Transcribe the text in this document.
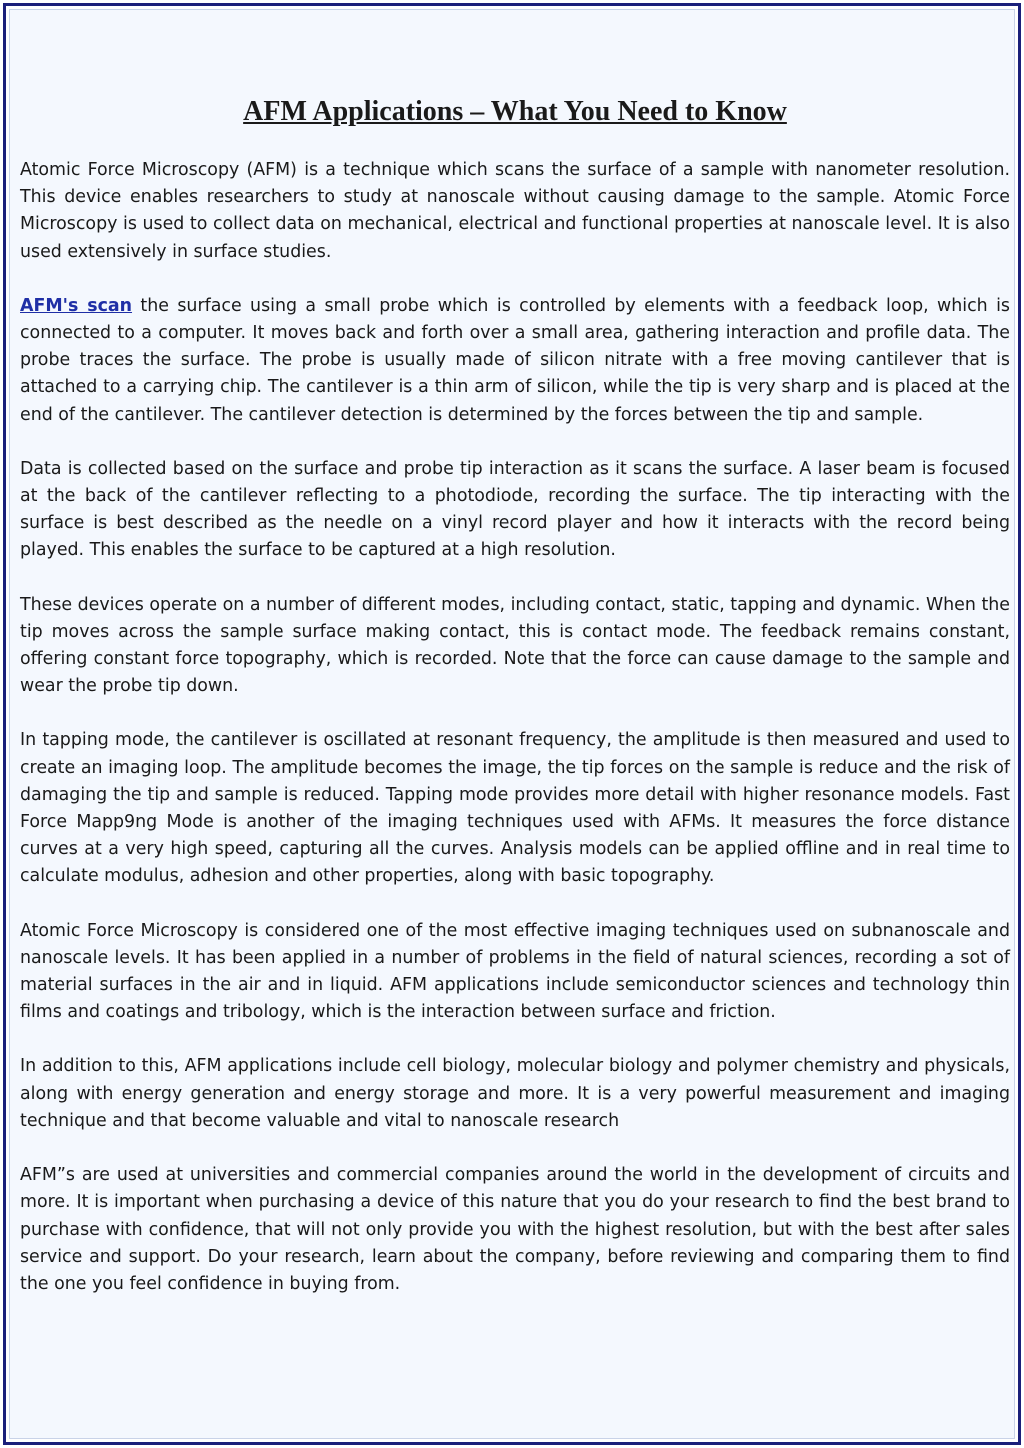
AFM Applications – What You Need to Know

Atomic Force Microscopy (AFM) is a technique which scans the surface of a sample with nanometer resolution. This device enables researchers to study at nanoscale without causing damage to the sample. Atomic Force Microscopy is used to collect data on mechanical, electrical and functional properties at nanoscale level. It is also used extensively in surface studies.

AFM's scan the surface using a small probe which is controlled by elements with a feedback loop, which is connected to a computer. It moves back and forth over a small area, gathering interaction and profile data. The probe traces the surface. The probe is usually made of silicon nitrate with a free moving cantilever that is attached to a carrying chip. The cantilever is a thin arm of silicon, while the tip is very sharp and is placed at the end of the cantilever. The cantilever detection is determined by the forces between the tip and sample.

Data is collected based on the surface and probe tip interaction as it scans the surface. A laser beam is focused at the back of the cantilever reflecting to a photodiode, recording the surface. The tip interacting with the surface is best described as the needle on a vinyl record player and how it interacts with the record being played. This enables the surface to be captured at a high resolution.

These devices operate on a number of different modes, including contact, static, tapping and dynamic. When the tip moves across the sample surface making contact, this is contact mode. The feedback remains constant, offering constant force topography, which is recorded. Note that the force can cause damage to the sample and wear the probe tip down.

In tapping mode, the cantilever is oscillated at resonant frequency, the amplitude is then measured and used to create an imaging loop. The amplitude becomes the image, the tip forces on the sample is reduce and the risk of damaging the tip and sample is reduced. Tapping mode provides more detail with higher resonance models. Fast Force Mapp9ng Mode is another of the imaging techniques used with AFMs. It measures the force distance curves at a very high speed, capturing all the curves. Analysis models can be applied offline and in real time to calculate modulus, adhesion and other properties, along with basic topography.

Atomic Force Microscopy is considered one of the most effective imaging techniques used on subnanoscale and nanoscale levels. It has been applied in a number of problems in the field of natural sciences, recording a sot of material surfaces in the air and in liquid. AFM applications include semiconductor sciences and technology thin films and coatings and tribology, which is the interaction between surface and friction.

In addition to this, AFM applications include cell biology, molecular biology and polymer chemistry and physicals, along with energy generation and energy storage and more. It is a very powerful measurement and imaging technique and that become valuable and vital to nanoscale research

AFM”s are used at universities and commercial companies around the world in the development of circuits and more. It is important when purchasing a device of this nature that you do your research to find the best brand to purchase with confidence, that will not only provide you with the highest resolution, but with the best after sales service and support. Do your research, learn about the company, before reviewing and comparing them to find the one you feel confidence in buying from.
